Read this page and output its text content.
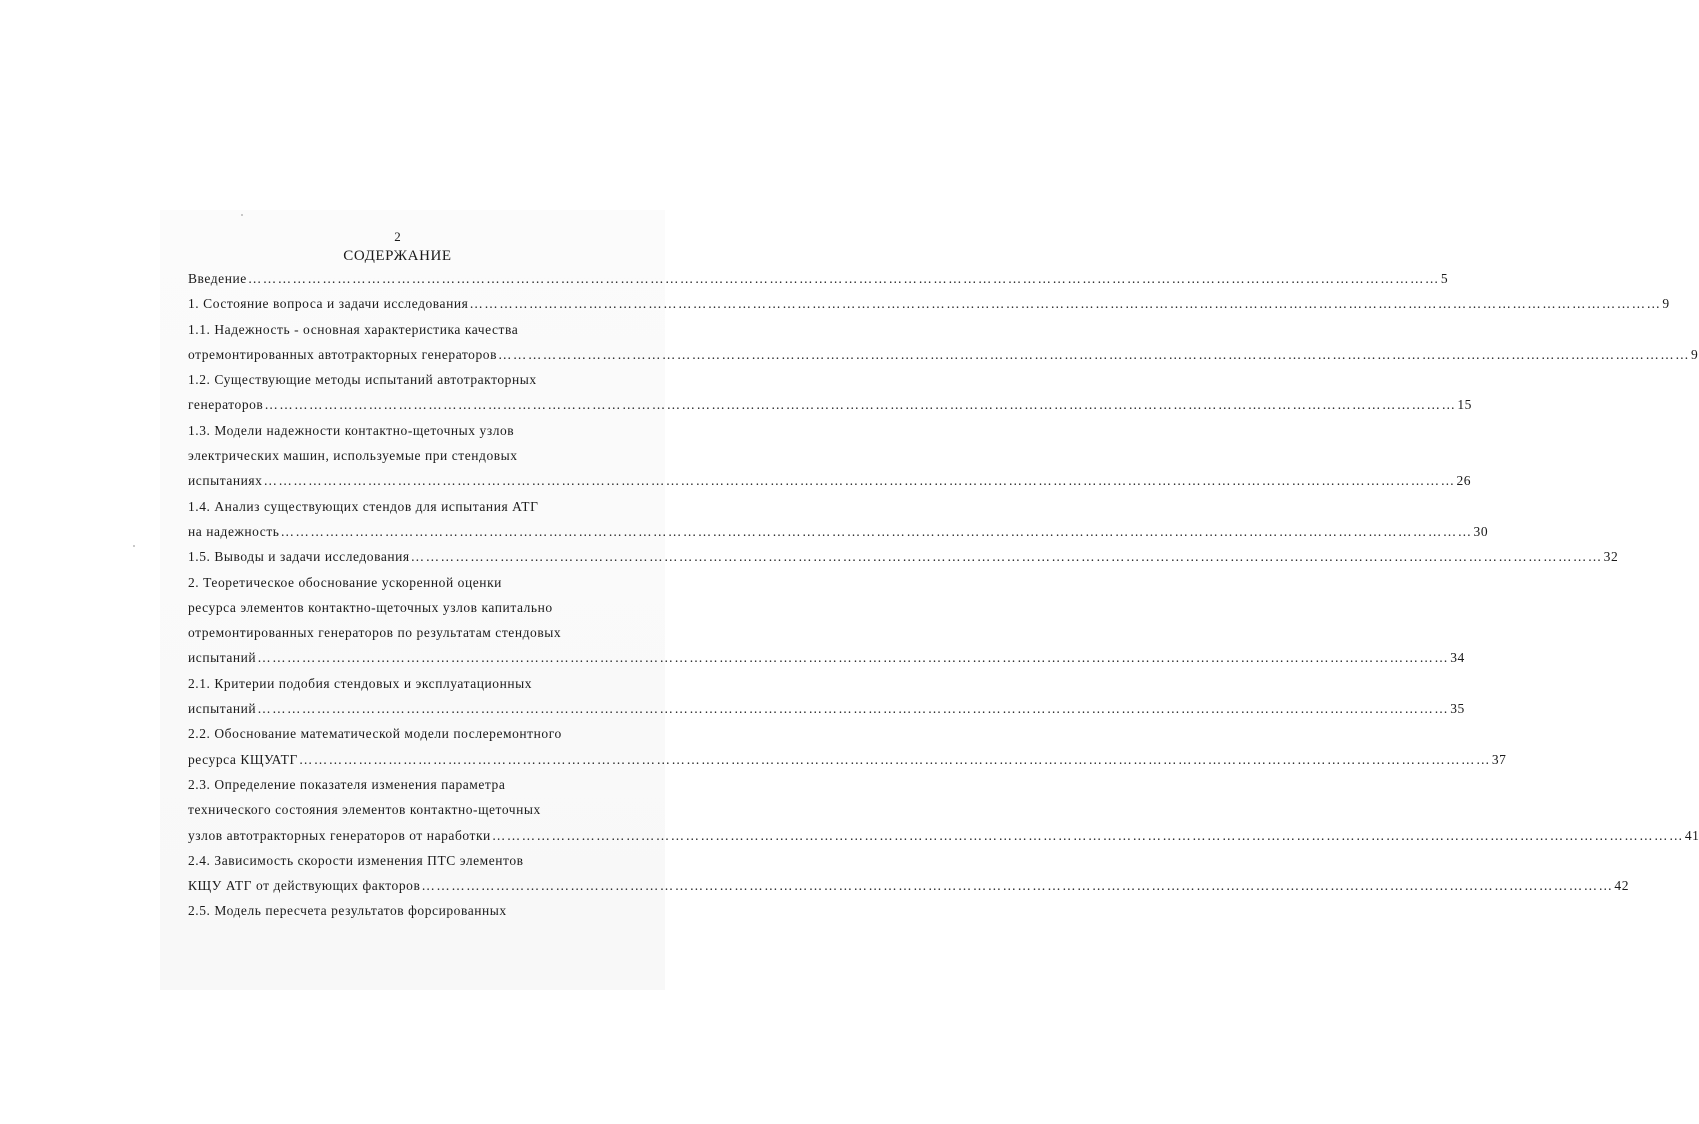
2
СОДЕРЖАНИЕ
Введение …………………………………………………………………………………………………………………………………………………………………………………………………………………… 5
1. Состояние вопроса и задачи исследования …………………………………………………………………………………………………………………………………………………………………………………………………………………… 9
1.1. Надежность - основная характеристика качества
отремонтированных автотракторных генераторов …………………………………………………………………………………………………………………………………………………………………………………………………………………… 9
1.2. Существующие методы испытаний автотракторных
генераторов …………………………………………………………………………………………………………………………………………………………………………………………………………………… 15
1.3. Модели надежности контактно-щеточных узлов
электрических машин, используемые при стендовых
испытаниях …………………………………………………………………………………………………………………………………………………………………………………………………………………… 26
1.4. Анализ существующих стендов для испытания АТГ
на надежность …………………………………………………………………………………………………………………………………………………………………………………………………………………… 30
1.5. Выводы и задачи исследования …………………………………………………………………………………………………………………………………………………………………………………………………………………… 32
2. Теоретическое обоснование ускоренной оценки
ресурса элементов контактно-щеточных узлов капитально
отремонтированных генераторов по результатам стендовых
испытаний …………………………………………………………………………………………………………………………………………………………………………………………………………………… 34
2.1. Критерии подобия стендовых и эксплуатационных
испытаний …………………………………………………………………………………………………………………………………………………………………………………………………………………… 35
2.2. Обоснование математической модели послеремонтного
ресурса КЩУАТГ …………………………………………………………………………………………………………………………………………………………………………………………………………………… 37
2.3. Определение показателя изменения параметра
технического состояния элементов контактно-щеточных
узлов автотракторных генераторов от наработки …………………………………………………………………………………………………………………………………………………………………………………………………………………… 41
2.4. Зависимость скорости изменения ПТС элементов
КЩУ АТГ от действующих факторов …………………………………………………………………………………………………………………………………………………………………………………………………………………… 42
2.5. Модель пересчета результатов форсированных
